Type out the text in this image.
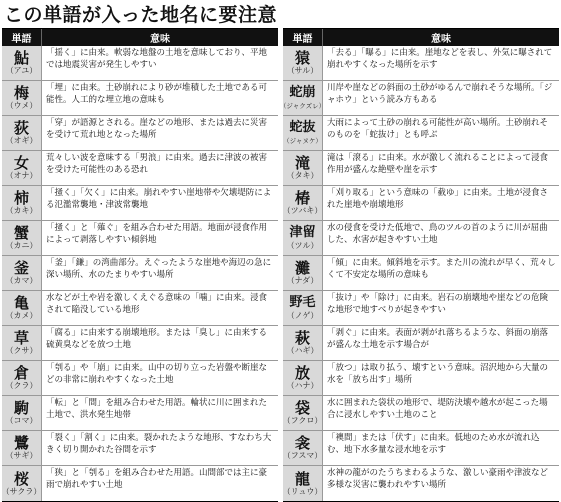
この単語が入った地名に要注意
単語	意味
鮎
（アユ）
「揺く」に由来。軟弱な地盤の土地を意味しており、平地では地震災害が発生しやすい
梅
（ウメ）
「埋」に由来。土砂崩れにより砂が堆積した土地である可能性。人工的な埋立地の意味も
荻
（オギ）
「穿」が語源とされる。崖などの地形、または過去に災害を受けて荒れ地となった場所
女
（オナ）
荒々しい波を意味する「男浪」に由来。過去に津波の被害を受けた可能性のある恐れ
柿
（カキ）
「掻く」「欠く」に由来。崩れやすい崖地帯や欠壊堤防による氾濫常襲地・津波常襲地
蟹
（カニ）
「掻く」と「薙ぐ」を組み合わせた用語。地面が浸食作用によって剥落しやすい傾斜地
釜
（カマ）
「釜」「鎌」の湾曲部分。えぐったような崖地や海辺の急に深い場所、水のたまりやすい場所
亀
（カメ）
水などが土や岩を激しくえぐる意味の「噛」に由来。浸食されて陥没している地形
草
（クサ）
「腐る」に由来する崩壊地形。または「臭し」に由来する硫黄臭などを放つ土地
倉
（クラ）
「刳る」や「崩」に由来。山中の切り立った岩盤や断崖などの非常に崩れやすくなった土地
駒
（コマ）
「転」と「間」を組み合わせた用語。輪状に川に囲まれた土地で、洪水発生地帯
鷺
（サギ）
「裂く」「割く」に由来。裂かれたような地形、すなわち大きく切り開かれた谷間を示す
桜
（サクラ）
「狭」と「刳る」を組み合わせた用語。山間部では主に豪雨で崩れやすい土地
単語	意味
猿
（サル）
「去る」「曝る」に由来。崖地などを表し、外気に曝されて崩れやすくなった場所を示す
蛇崩
（ジャクズレ）
川岸や崖などの斜面の土砂がゆるんで崩れそうな場所。「ジャホウ」という読み方もある
蛇抜
（ジャヌケ）
大雨によって土砂の崩れる可能性が高い場所。土砂崩れそのものを「蛇抜け」とも呼ぶ
滝
（タキ）
滝は「滾る」に由来。水が激しく流れることによって浸食作用が盛んな絶壁や崖を示す
椿
（ツバキ）
「刈り取る」という意味の「截ゆ」に由来。土地が浸食された崖地や崩壊地形
津留
（ツル）
水の侵食を受けた低地で、鳥のツルの首のように川が屈曲した、水害が起きやすい土地
灘
（ナダ）
「傾」に由来。傾斜地を示す。また川の流れが早く、荒々しくて不安定な場所の意味も
野毛
（ノゲ）
「抜け」や「除け」に由来。岩石の崩壊地や崖などの危険な地形で地すべりが起きやすい
萩
（ハギ）
「剥ぐ」に由来。表面が剥がれ落ちるような、斜面の崩落が盛んな土地を示す場合が
放
（ハナ）
「放つ」は取り払う、壊すという意味。沼沢地から大量の水を「放ち出す」場所
袋
（フクロ）
水に囲まれた袋状の地形で、堤防決壊や越水が起こった場合に浸水しやすい土地のこと
衾
（フスマ）
「襖間」または「伏す」に由来。低地のため水が流れ込む、地下水多量な浸水地を示す
龍
（リュウ）
水神の龍がのたうちまわるような、激しい豪雨や津波など多様な災害に襲われやすい場所
